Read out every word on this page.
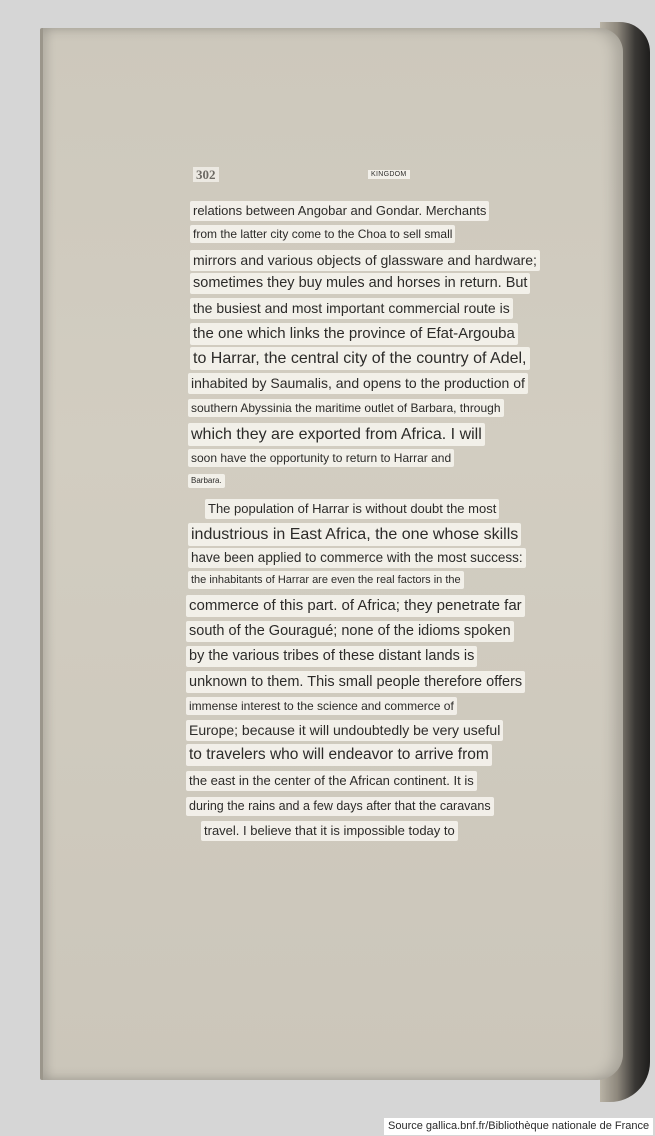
302	KINGDOM
relations between Angobar and Gondar. Merchants
from the latter city come to the Choa to sell small
mirrors and various objects of glassware and hardware;
sometimes they buy mules and horses in return. But
the busiest and most important commercial route is
the one which links the province of Efat-Argouba
to Harrar, the central city of the country of Adel,
inhabited by Saumalis, and opens to the production of
southern Abyssinia the maritime outlet of Barbara, through
which they are exported from Africa. I will
soon have the opportunity to return to Harrar and
Barbara.
The population of Harrar is without doubt the most
industrious in East Africa, the one whose skills
have been applied to commerce with the most success:
the inhabitants of Harrar are even the real factors in the
commerce of this part. of Africa; they penetrate far
south of the Gouragué; none of the idioms spoken
by the various tribes of these distant lands is
unknown to them. This small people therefore offers
immense interest to the science and commerce of
Europe; because it will undoubtedly be very useful
to travelers who will endeavor to arrive from
the east in the center of the African continent. It is
during the rains and a few days after that the caravans
travel. I believe that it is impossible today to
Source gallica.bnf.fr/Bibliothèque nationale de France
